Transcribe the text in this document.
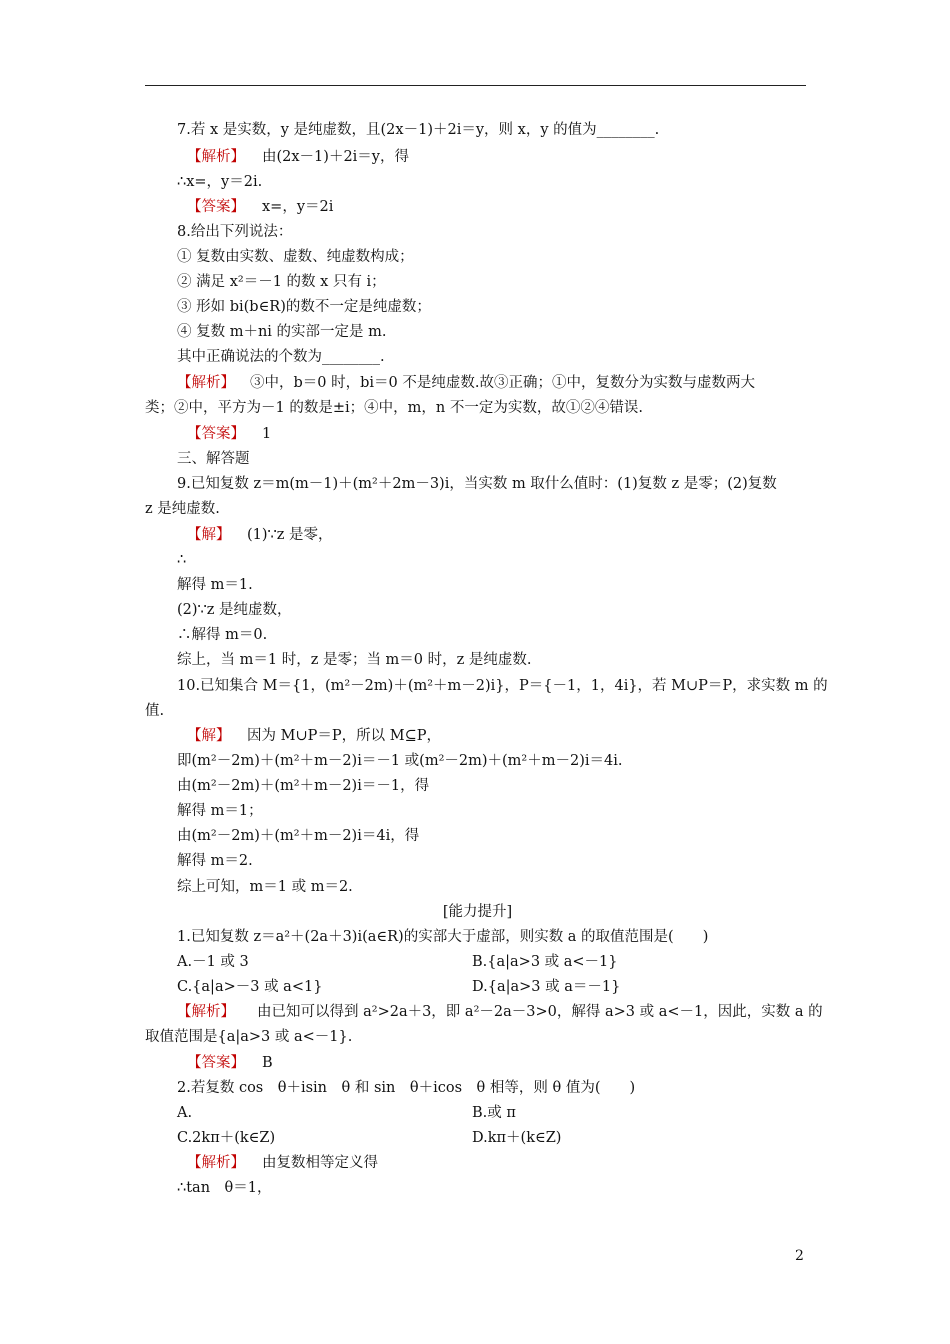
7.若 x 是实数，y 是纯虚数，且(2x－1)＋2i＝y，则 x，y 的值为________.
【解析】 由(2x－1)＋2i＝y，得
∴x=，y＝2i.
【答案】 x=，y＝2i
8.给出下列说法：
① 复数由实数、虚数、纯虚数构成；
② 满足 x²＝－1 的数 x 只有 i；
③ 形如 bi(b∈R)的数不一定是纯虚数；
④ 复数 m＋ni 的实部一定是 m.
其中正确说法的个数为________.
【解析】 ③中，b＝0 时，bi＝0 不是纯虚数.故③正确；①中，复数分为实数与虚数两大
类；②中，平方为－1 的数是±i；④中，m，n 不一定为实数，故①②④错误.
【答案】 1
三、解答题
9.已知复数 z＝m(m－1)＋(m²＋2m－3)i，当实数 m 取什么值时：(1)复数 z 是零；(2)复数
z 是纯虚数.
【解】 (1)∵z 是零，
∴
解得 m＝1.
(2)∵z 是纯虚数，
∴解得 m＝0.
综上，当 m＝1 时，z 是零；当 m＝0 时，z 是纯虚数.
10.已知集合 M＝{1，(m²－2m)＋(m²＋m－2)i}，P＝{－1，1，4i}，若 M∪P＝P，求实数 m 的
值.
【解】 因为 M∪P＝P，所以 M⊆P，
即(m²－2m)＋(m²＋m－2)i＝－1 或(m²－2m)＋(m²＋m－2)i＝4i.
由(m²－2m)＋(m²＋m－2)i＝－1，得
解得 m＝1；
由(m²－2m)＋(m²＋m－2)i＝4i，得
解得 m＝2.
综上可知，m＝1 或 m＝2.
[能力提升]
1.已知复数 z＝a²＋(2a＋3)i(a∈R)的实部大于虚部，则实数 a 的取值范围是(　　)
A.－1 或 3	B.{a|a>3 或 a<－1}
C.{a|a>－3 或 a<1}	D.{a|a>3 或 a＝－1}
【解析】 由已知可以得到 a²>2a＋3，即 a²－2a－3>0，解得 a>3 或 a<－1，因此，实数 a 的
取值范围是{a|a>3 或 a<－1}.
【答案】 B
2.若复数 cos　θ＋isin　θ 和 sin　θ＋icos　θ 相等，则 θ 值为(　　)
A.	B.或 π
C.2kπ＋(k∈Z)	D.kπ＋(k∈Z)
【解析】 由复数相等定义得
∴tan　θ＝1，
2
